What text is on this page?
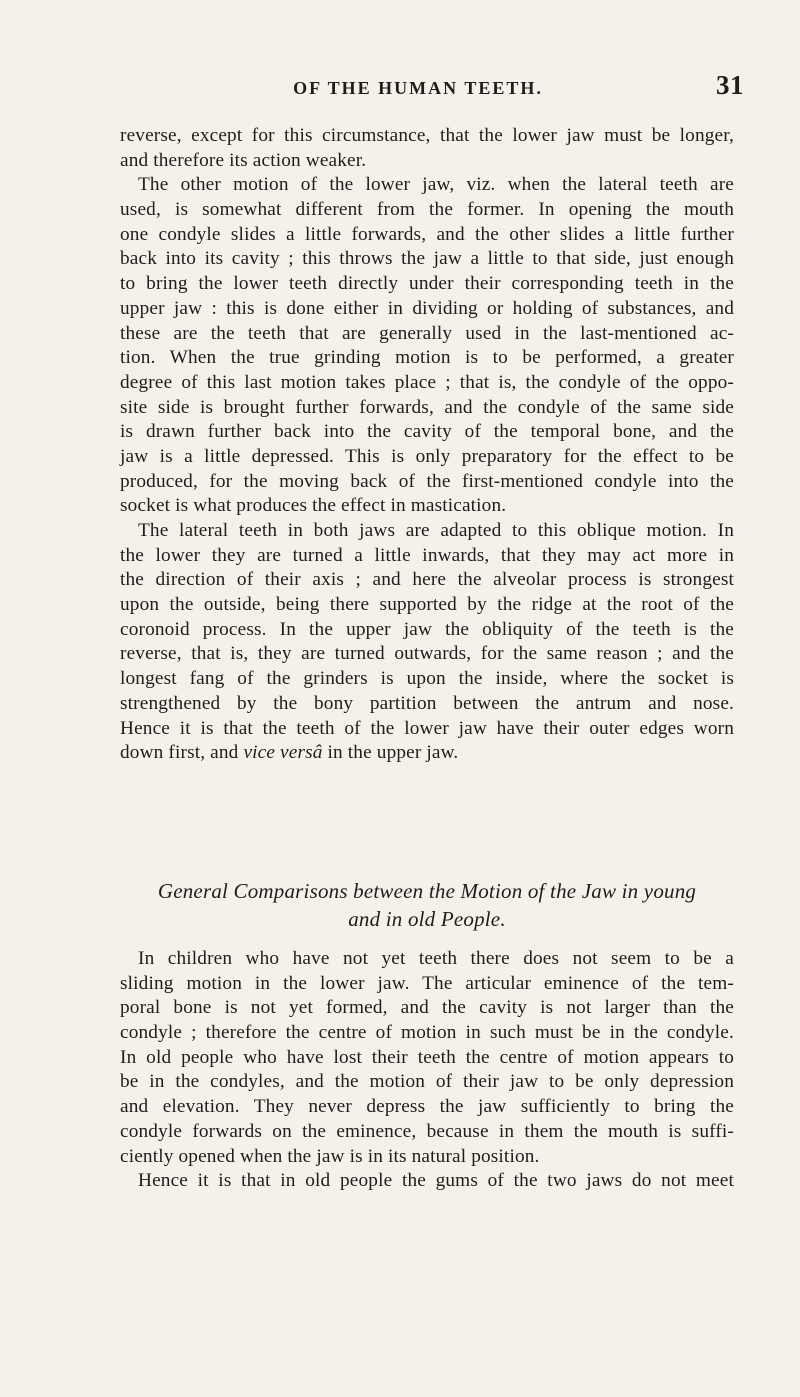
OF THE HUMAN TEETH.	31
reverse, except for this circumstance, that the lower jaw must be longer,
and therefore its action weaker.
The other motion of the lower jaw, viz. when the lateral teeth are
used, is somewhat different from the former. In opening the mouth
one condyle slides a little forwards, and the other slides a little further
back into its cavity ; this throws the jaw a little to that side, just enough
to bring the lower teeth directly under their corresponding teeth in the
upper jaw : this is done either in dividing or holding of substances, and
these are the teeth that are generally used in the last-mentioned ac-
tion. When the true grinding motion is to be performed, a greater
degree of this last motion takes place ; that is, the condyle of the oppo-
site side is brought further forwards, and the condyle of the same side
is drawn further back into the cavity of the temporal bone, and the
jaw is a little depressed. This is only preparatory for the effect to be
produced, for the moving back of the first-mentioned condyle into the
socket is what produces the effect in mastication.
The lateral teeth in both jaws are adapted to this oblique motion. In
the lower they are turned a little inwards, that they may act more in
the direction of their axis ; and here the alveolar process is strongest
upon the outside, being there supported by the ridge at the root of the
coronoid process. In the upper jaw the obliquity of the teeth is the
reverse, that is, they are turned outwards, for the same reason ; and the
longest fang of the grinders is upon the inside, where the socket is
strengthened by the bony partition between the antrum and nose.
Hence it is that the teeth of the lower jaw have their outer edges worn
down first, and vice versâ in the upper jaw.
General Comparisons between the Motion of the Jaw in young
and in old People.
In children who have not yet teeth there does not seem to be a
sliding motion in the lower jaw. The articular eminence of the tem-
poral bone is not yet formed, and the cavity is not larger than the
condyle ; therefore the centre of motion in such must be in the condyle.
In old people who have lost their teeth the centre of motion appears to
be in the condyles, and the motion of their jaw to be only depression
and elevation. They never depress the jaw sufficiently to bring the
condyle forwards on the eminence, because in them the mouth is suffi-
ciently opened when the jaw is in its natural position.
Hence it is that in old people the gums of the two jaws do not meet
